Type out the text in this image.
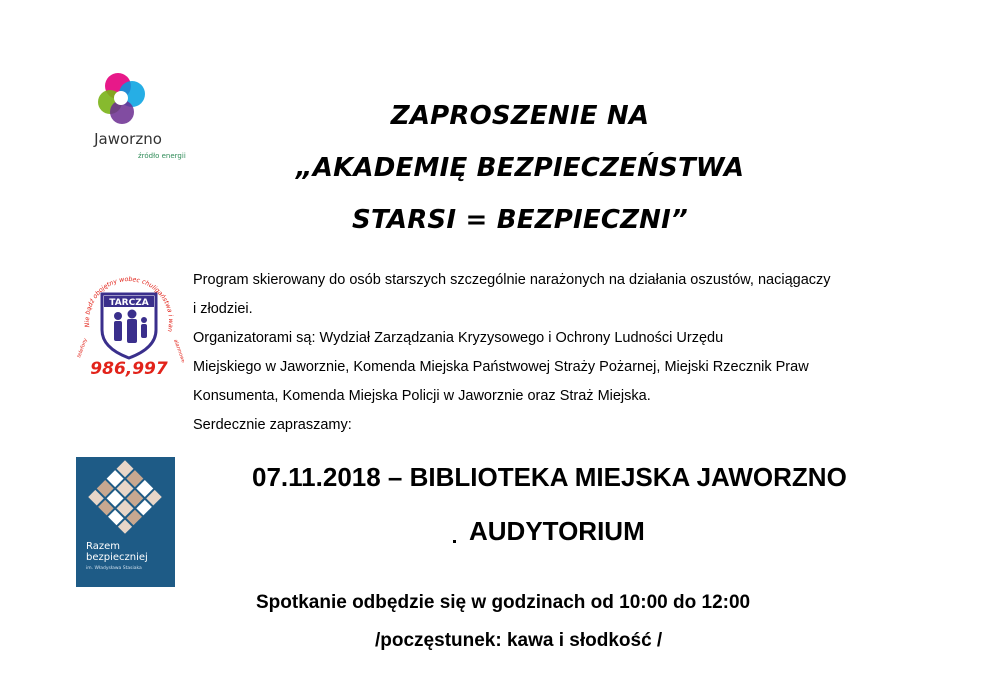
Jaworzno
źródło energii
ZAPROSZENIE NA
„AKADEMIĘ BEZPIECZEŃSTWA
STARSI = BEZPIECZNI”
Nie bądź obojętny wobec chuligaństwa i wan
TARCZA
telefony	alarmowe
986,997
Program skierowany do osób starszych szczególnie narażonych na działania oszustów, naciągaczy
i złodziei.
Organizatorami są: Wydział Zarządzania Kryzysowego i Ochrony Ludności Urzędu
Miejskiego w Jaworznie, Komenda Miejska Państwowej Straży Pożarnej, Miejski Rzecznik Praw
Konsumenta, Komenda Miejska Policji w Jaworznie oraz Straż Miejska.
Serdecznie zapraszamy:
Razem
bezpieczniej
im. Władysława Stasiaka
07.11.2018 – BIBLIOTEKA MIEJSKA JAWORZNO
AUDYTORIUM
Spotkanie odbędzie się w godzinach od 10:00 do 12:00
/poczęstunek: kawa i słodkość /
